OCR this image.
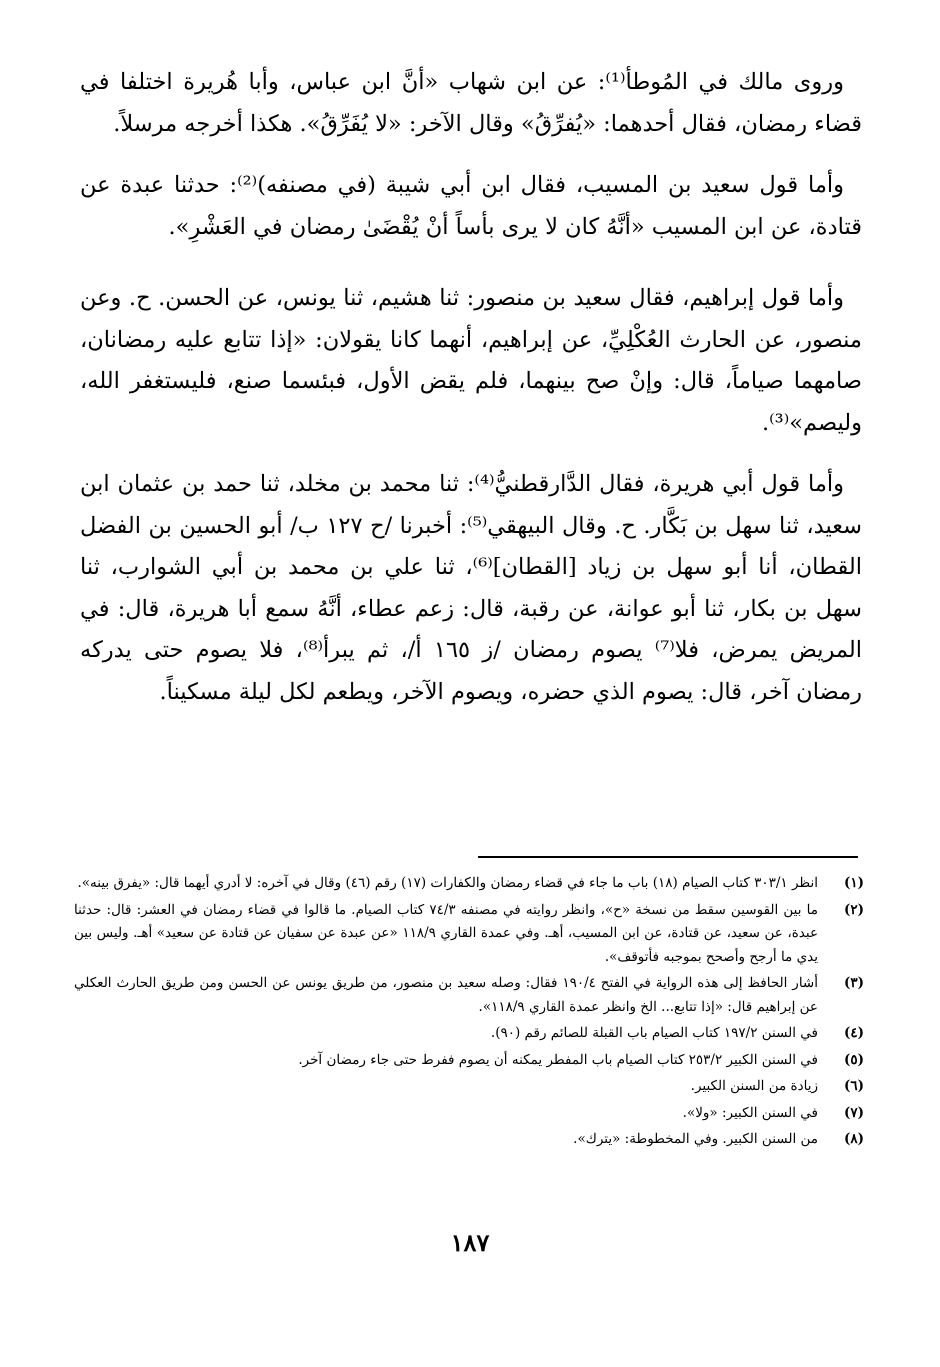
وروى مالك في المُوطأ⁽¹⁾: عن ابن شهاب «أنَّ ابن عباس، وأبا هُريرة اختلفا في قضاء رمضان، فقال أحدهما: «يُفرِّقُ» وقال الآخر: «لا يُفَرِّقُ». هكذا أخرجه مرسلاً.

وأما قول سعيد بن المسيب، فقال ابن أبي شيبة (في مصنفه)⁽²⁾: حدثنا عبدة عن قتادة، عن ابن المسيب «أنَّهُ كان لا يرى بأساً أنْ يُقْضَىٰ رمضان في العَشْرِ».

وأما قول إبراهيم، فقال سعيد بن منصور: ثنا هشيم، ثنا يونس، عن الحسن. ح. وعن منصور، عن الحارث العُكْلِيِّ، عن إبراهيم، أنهما كانا يقولان: «إذا تتابع عليه رمضانان، صامهما صياماً، قال: وإنْ صح بينهما، فلم يقض الأول، فبئسما صنع، فليستغفر الله، وليصم»⁽³⁾.

وأما قول أبي هريرة، فقال الدَّارقطنيُّ⁽⁴⁾: ثنا محمد بن مخلد، ثنا حمد بن عثمان ابن سعيد، ثنا سهل بن بَكَّار. ح. وقال البيهقي⁽⁵⁾: أخبرنا /ح ١٢٧ ب/ أبو الحسين بن الفضل القطان، أنا أبو سهل بن زياد [القطان]⁽⁶⁾، ثنا علي بن محمد بن أبي الشوارب، ثنا سهل بن بكار، ثنا أبو عوانة، عن رقبة، قال: زعم عطاء، أنَّهُ سمع أبا هريرة، قال: في المريض يمرض، فلا⁽⁷⁾ يصوم رمضان /ز ١٦٥ أ/، ثم يبرأ⁽⁸⁾، فلا يصوم حتى يدركه رمضان آخر، قال: يصوم الذي حضره، ويصوم الآخر، ويطعم لكل ليلة مسكيناً.

(١)
انظر ٣٠٣/١ كتاب الصيام (١٨) باب ما جاء في قضاء رمضان والكفارات (١٧) رقم (٤٦) وقال في آخره: لا أدري أيهما قال: «يفرق بينه».
(٢)
ما بين القوسين سقط من نسخة «ح»، وانظر روايته في مصنفه ٧٤/٣ كتاب الصيام. ما قالوا في قضاء رمضان في العشر: قال: حدثنا عبدة، عن سعيد، عن قتادة، عن ابن المسيب، أهـ. وفي عمدة القاري ١١٨/٩ «عن عبدة عن سفيان عن قتادة عن سعيد» أهـ. وليس بين يدي ما أرجح وأصحح بموجبه فأتوقف».
(٣)
أشار الحافظ إلى هذه الرواية في الفتح ١٩٠/٤ فقال: وصله سعيد بن منصور، من طريق يونس عن الحسن ومن طريق الحارث العكلي عن إبراهيم قال: «إذا تتابع... الخ وانظر عمدة القاري ١١٨/٩».
(٤)
في السنن ١٩٧/٢ كتاب الصيام باب القبلة للصائم رقم (٩٠).
(٥)
في السنن الكبير ٢٥٣/٢ كتاب الصيام باب المفطر يمكنه أن يصوم ففرط حتى جاء رمضان آخر.
(٦)
زيادة من السنن الكبير.
(٧)
في السنن الكبير: «ولا».
(٨)
من السنن الكبير. وفي المخطوطة: «يترك».
١٨٧
